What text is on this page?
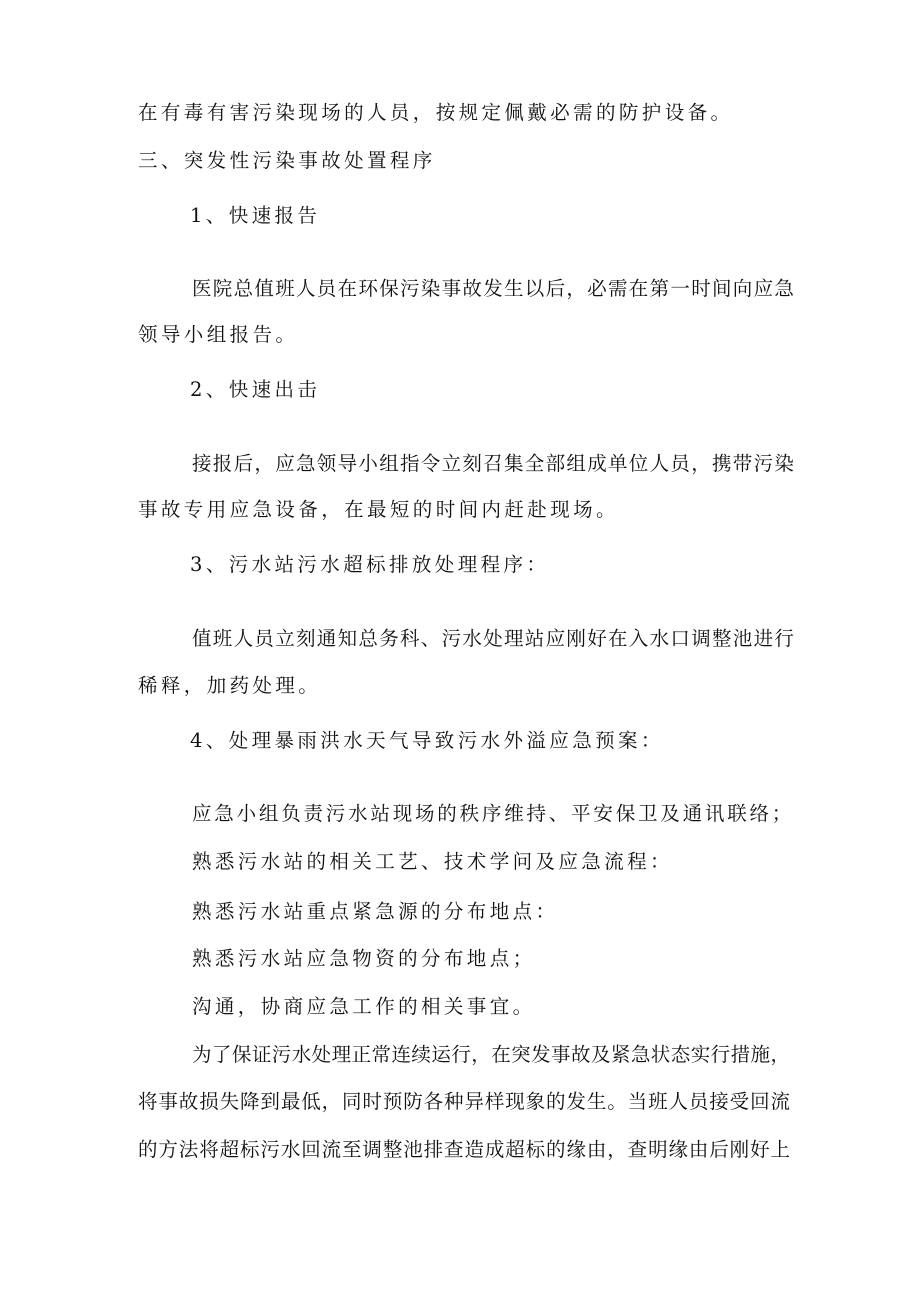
在有毒有害污染现场的人员，按规定佩戴必需的防护设备。
三、突发性污染事故处置程序
1、快速报告
医院总值班人员在环保污染事故发生以后，必需在第一时间向应急
领导小组报告。
2、快速出击
接报后，应急领导小组指令立刻召集全部组成单位人员，携带污染
事故专用应急设备，在最短的时间内赶赴现场。
3、污水站污水超标排放处理程序：
值班人员立刻通知总务科、污水处理站应刚好在入水口调整池进行
稀释，加药处理。
4、处理暴雨洪水天气导致污水外溢应急预案：
应急小组负责污水站现场的秩序维持、平安保卫及通讯联络；
熟悉污水站的相关工艺、技术学问及应急流程：
熟悉污水站重点紧急源的分布地点：
熟悉污水站应急物资的分布地点；
沟通，协商应急工作的相关事宜。
为了保证污水处理正常连续运行，在突发事故及紧急状态实行措施，
将事故损失降到最低，同时预防各种异样现象的发生。当班人员接受回流
的方法将超标污水回流至调整池排查造成超标的缘由，查明缘由后刚好上
